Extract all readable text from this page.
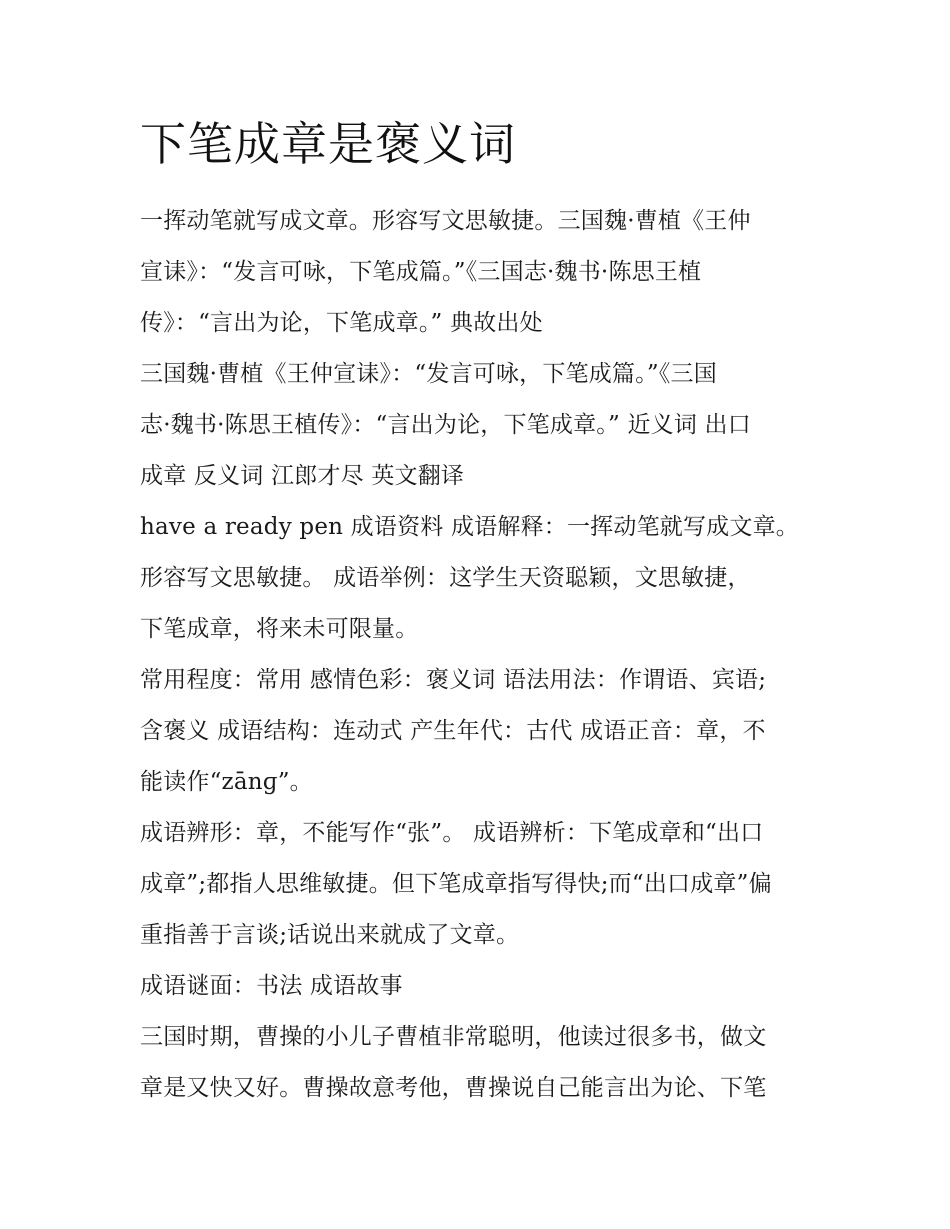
下笔成章是褒义词

一挥动笔就写成文章。形容写文思敏捷。三国魏·曹植《王仲

宣诔》：“发言可咏，下笔成篇。”《三国志·魏书·陈思王植

传》：“言出为论，下笔成章。” 典故出处

三国魏·曹植《王仲宣诔》：“发言可咏，下笔成篇。”《三国

志·魏书·陈思王植传》：“言出为论，下笔成章。” 近义词 出口

成章 反义词 江郎才尽 英文翻译

have a ready pen 成语资料 成语解释：一挥动笔就写成文章。

形容写文思敏捷。 成语举例：这学生天资聪颖，文思敏捷，

下笔成章，将来未可限量。

常用程度：常用 感情色彩：褒义词 语法用法：作谓语、宾语;

含褒义 成语结构：连动式 产生年代：古代 成语正音：章，不

能读作“zānɡ”。

成语辨形：章，不能写作“张”。 成语辨析：下笔成章和“出口

成章”;都指人思维敏捷。但下笔成章指写得快;而“出口成章”偏

重指善于言谈;话说出来就成了文章。

成语谜面：书法 成语故事

三国时期，曹操的小儿子曹植非常聪明，他读过很多书，做文

章是又快又好。曹操故意考他，曹操说自己能言出为论、下笔
